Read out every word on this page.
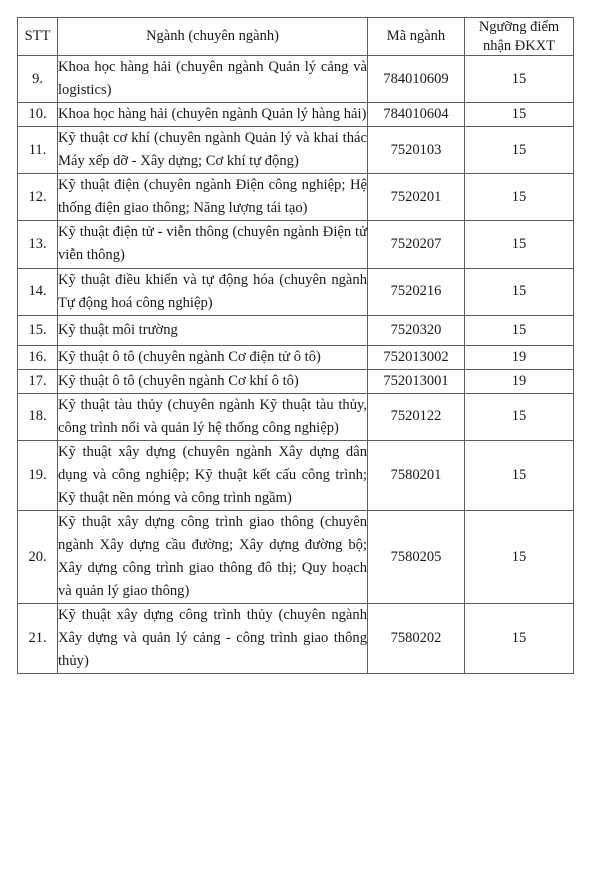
STT	Ngành (chuyên ngành)	Mã ngành	Ngưỡng điểm
nhận ĐKXT
9.	Khoa học hàng hải (chuyên ngành Quản lý cảng và logistics)	784010609	15
10.	Khoa học hàng hải (chuyên ngành Quản lý hàng hải)	784010604	15
11.	Kỹ thuật cơ khí (chuyên ngành Quản lý và khai thác Máy xếp dỡ - Xây dựng; Cơ khí tự động)	7520103	15
12.	Kỹ thuật điện (chuyên ngành Điện công nghiệp; Hệ thống điện giao thông; Năng lượng tái tạo)	7520201	15
13.	Kỹ thuật điện tử - viễn thông (chuyên ngành Điện tử viễn thông)	7520207	15
14.	Kỹ thuật điều khiển và tự động hóa (chuyên ngành Tự động hoá công nghiệp)	7520216	15
15.	Kỹ thuật môi trường	7520320	15
16.	Kỹ thuật ô tô (chuyên ngành Cơ điện tử ô tô)	752013002	19
17.	Kỹ thuật ô tô (chuyên ngành Cơ khí ô tô)	752013001	19
18.	Kỹ thuật tàu thủy (chuyên ngành Kỹ thuật tàu thủy, công trình nổi và quản lý hệ thống công nghiệp)	7520122	15
19.	Kỹ thuật xây dựng (chuyên ngành Xây dựng dân dụng và công nghiệp; Kỹ thuật kết cấu công trình; Kỹ thuật nền móng và công trình ngầm)	7580201	15
20.	Kỹ thuật xây dựng công trình giao thông (chuyên ngành Xây dựng cầu đường; Xây dựng đường bộ; Xây dựng công trình giao thông đô thị; Quy hoạch và quản lý giao thông)	7580205	15
21.	Kỹ thuật xây dựng công trình thủy (chuyên ngành Xây dựng và quản lý cảng - công trình giao thông thủy)	7580202	15
